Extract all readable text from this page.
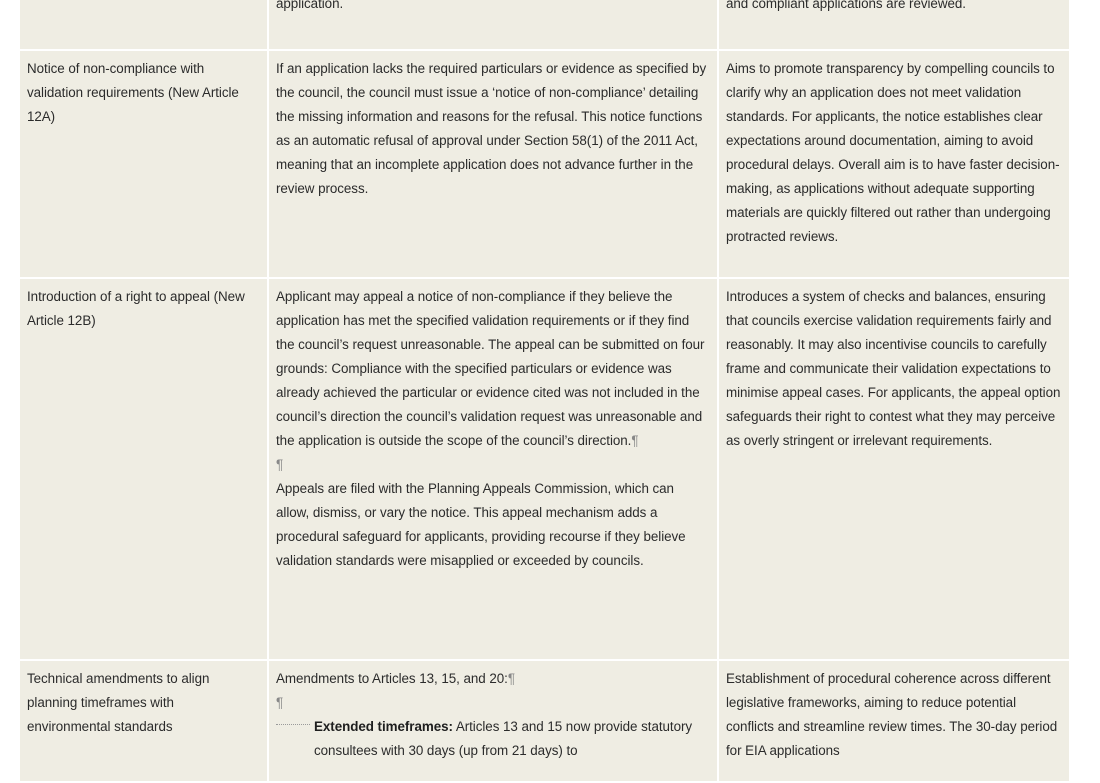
application.	and compliant applications are reviewed.

Notice of non-compliance with validation requirements (New Article 12A)

If an application lacks the required particulars or evidence as specified by the council, the council must issue a ‘notice of non-compliance’ detailing the missing information and reasons for the refusal. This notice functions as an automatic refusal of approval under Section 58(1) of the 2011 Act, meaning that an incomplete application does not advance further in the review process.

Aims to promote transparency by compelling councils to clarify why an application does not meet validation standards. For applicants, the notice establishes clear expectations around documentation, aiming to avoid procedural delays. Overall aim is to have faster decision-making, as applications without adequate supporting materials are quickly filtered out rather than undergoing protracted reviews.

Introduction of a right to appeal (New Article 12B)

Applicant may appeal a notice of non-compliance if they believe the application has met the specified validation requirements or if they find the council’s request unreasonable. The appeal can be submitted on four grounds: Compliance with the specified particulars or evidence was already achieved the particular or evidence cited was not included in the council’s direction the council’s validation request was unreasonable and the application is outside the scope of the council’s direction.¶

¶

Appeals are filed with the Planning Appeals Commission, which can allow, dismiss, or vary the notice. This appeal mechanism adds a procedural safeguard for applicants, providing recourse if they believe validation standards were misapplied or exceeded by councils.

Introduces a system of checks and balances, ensuring that councils exercise validation requirements fairly and reasonably. It may also incentivise councils to carefully frame and communicate their validation expectations to minimise appeal cases. For applicants, the appeal option safeguards their right to contest what they may perceive as overly stringent or irrelevant requirements.

Technical amendments to align planning timeframes with environmental standards

Amendments to Articles 13, 15, and 20:¶

¶

Extended timeframes: Articles 13 and 15 now provide statutory consultees with 30 days (up from 21 days) to

Establishment of procedural coherence across different legislative frameworks, aiming to reduce potential conflicts and streamline review times. The 30-day period for EIA applications
